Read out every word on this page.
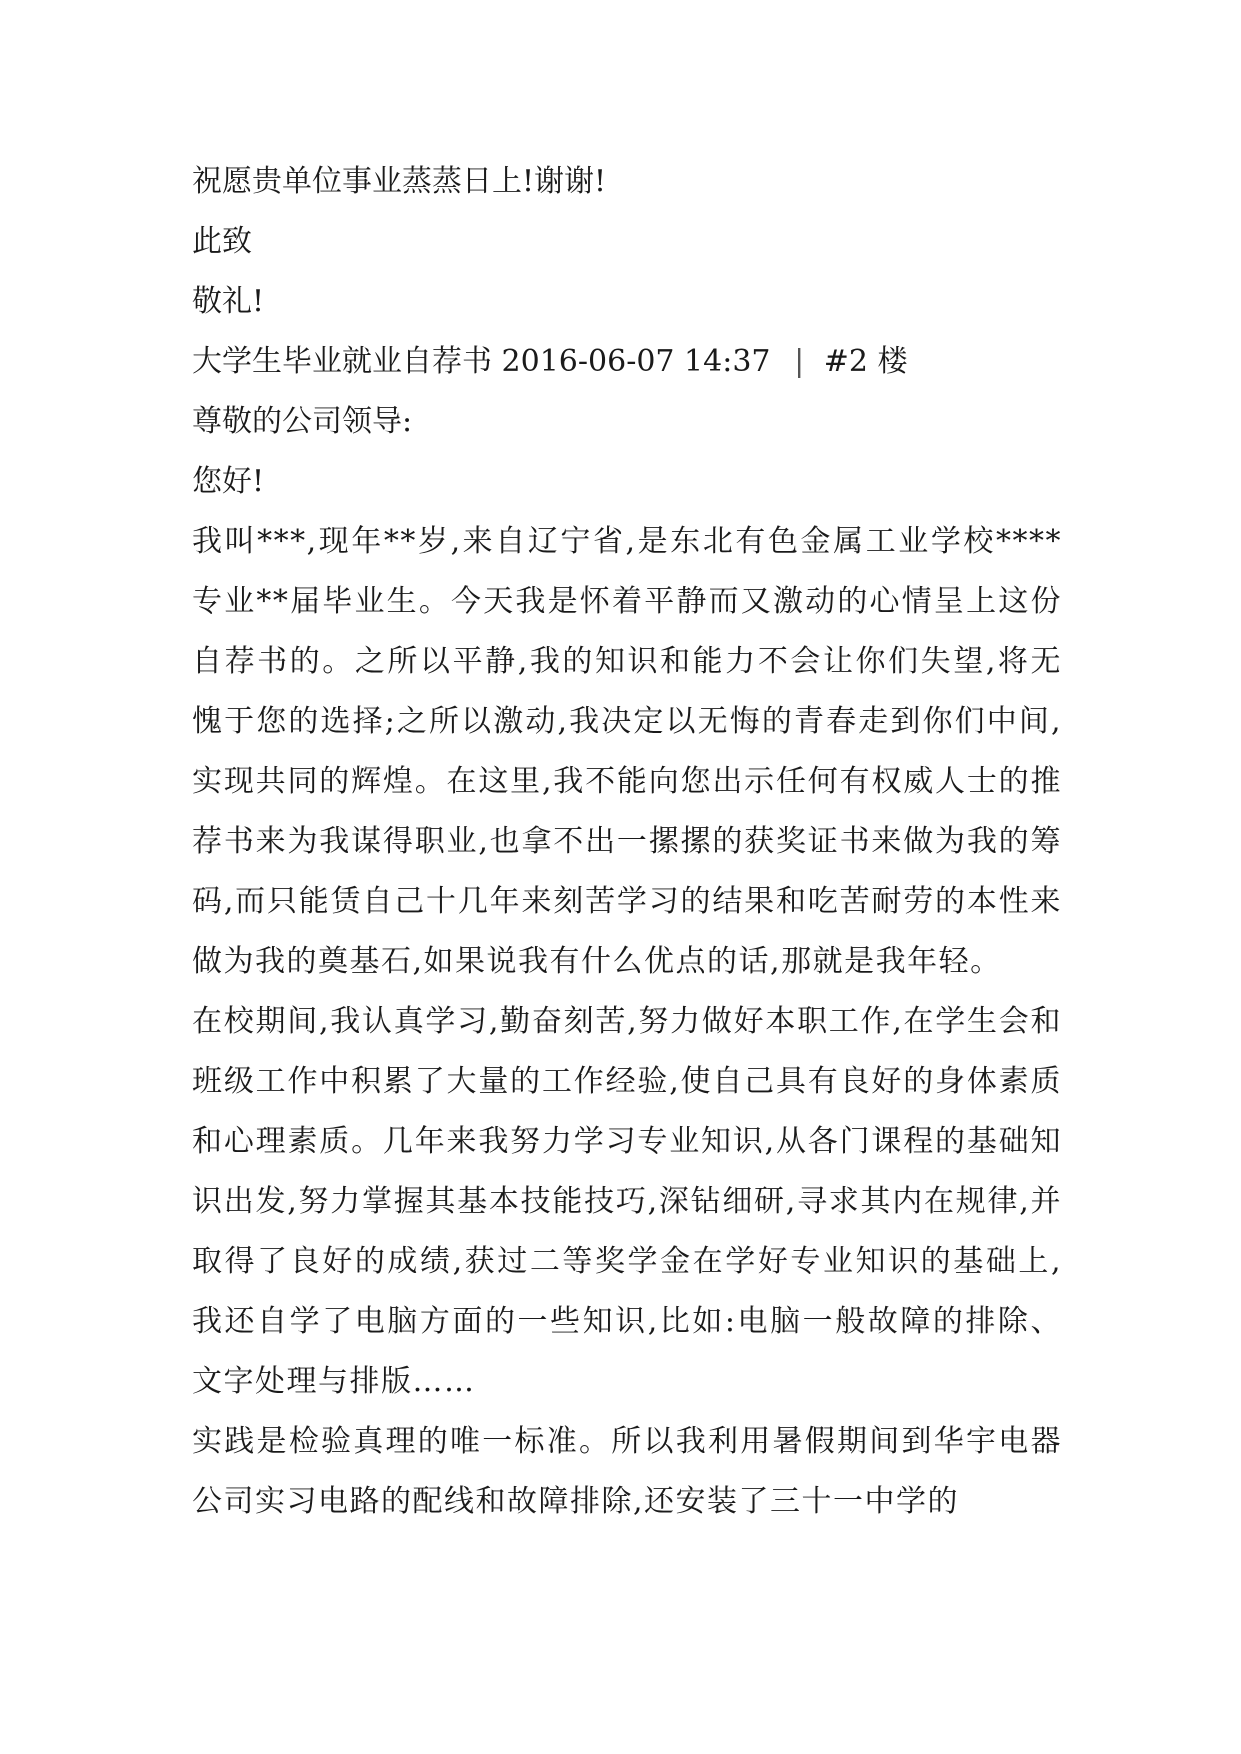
祝愿贵单位事业蒸蒸日上!谢谢!
此致
敬礼!
大学生毕业就业自荐书 2016-06-07 14:37 | #2 楼
尊敬的公司领导:
您好!
我叫***,现年**岁,来自辽宁省,是东北有色金属工业学校****专业**届毕业生。今天我是怀着平静而又激动的心情呈上这份自荐书的。之所以平静,我的知识和能力不会让你们失望,将无愧于您的选择;之所以激动,我决定以无悔的青春走到你们中间,实现共同的辉煌。在这里,我不能向您出示任何有权威人士的推荐书来为我谋得职业,也拿不出一摞摞的获奖证书来做为我的筹码,而只能赁自己十几年来刻苦学习的结果和吃苦耐劳的本性来做为我的奠基石,如果说我有什么优点的话,那就是我年轻。
在校期间,我认真学习,勤奋刻苦,努力做好本职工作,在学生会和班级工作中积累了大量的工作经验,使自己具有良好的身体素质和心理素质。几年来我努力学习专业知识,从各门课程的基础知识出发,努力掌握其基本技能技巧,深钻细研,寻求其内在规律,并取得了良好的成绩,获过二等奖学金在学好专业知识的基础上,我还自学了电脑方面的一些知识,比如:电脑一般故障的排除、文字处理与排版……
实践是检验真理的唯一标准。所以我利用暑假期间到华宇电器公司实习电路的配线和故障排除,还安装了三十一中学的
